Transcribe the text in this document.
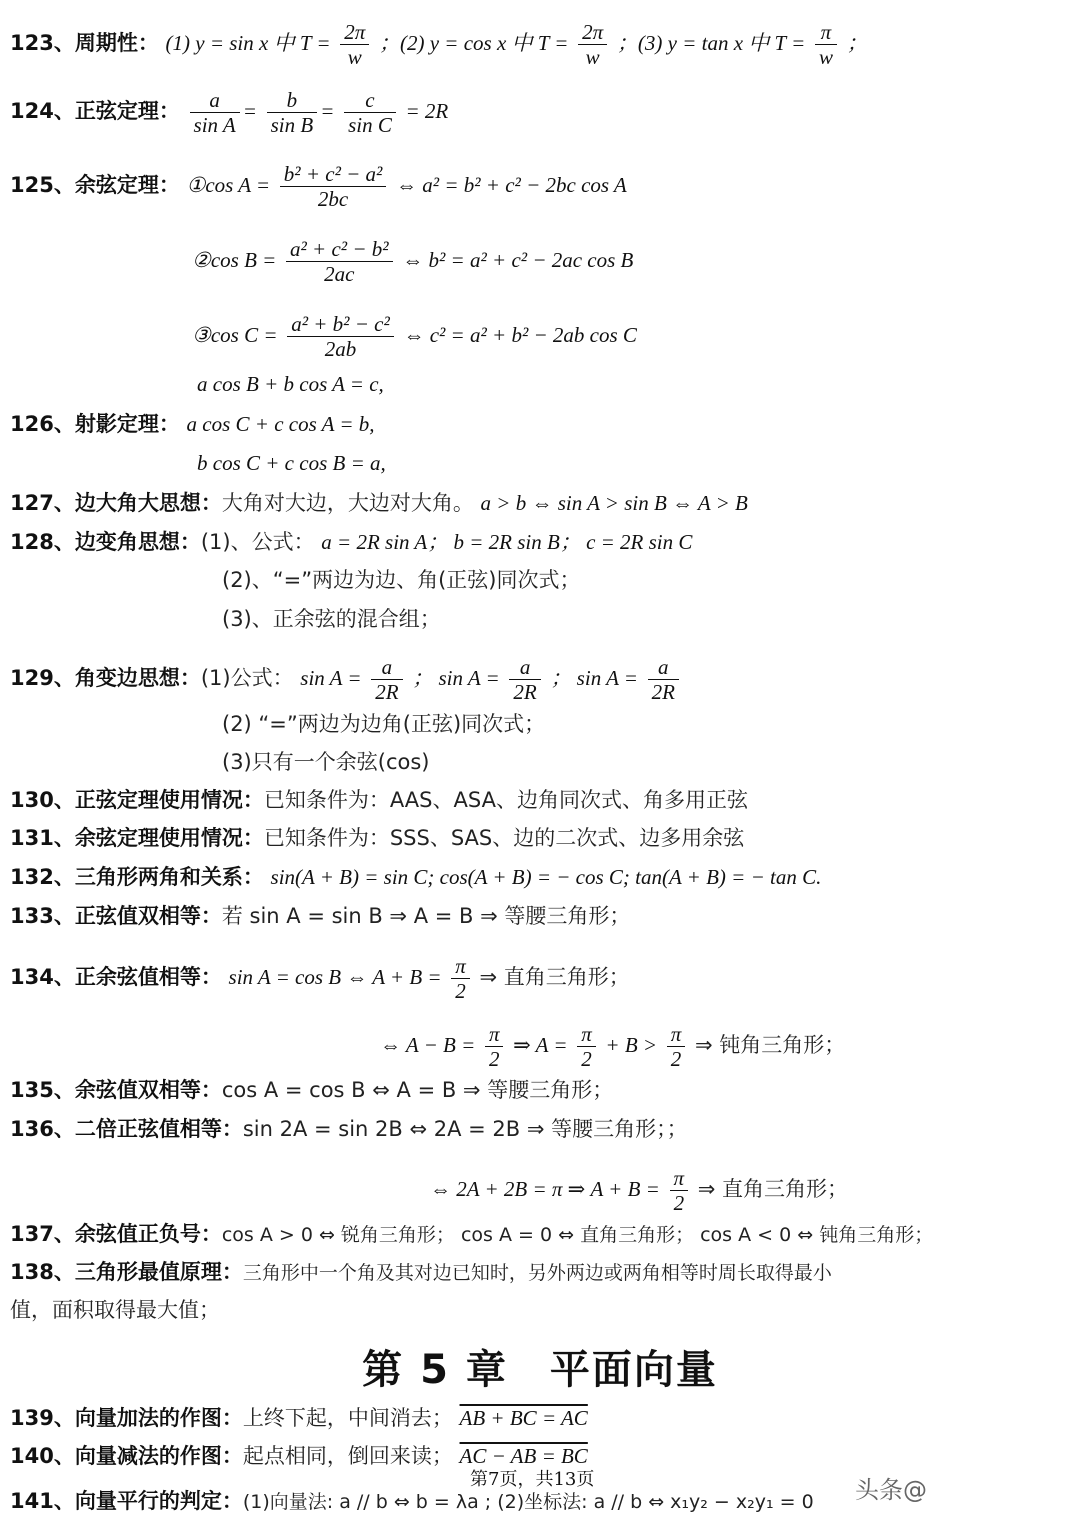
123、周期性： (1) y = sin x 中 $T = \frac{2\pi}{w}$ ；(2) y = cos x 中 $T = \frac{2\pi}{w}$ ；(3) y = tan x 中 $T = \frac{\pi}{w}$ ；
124、正弦定理： $\frac{a}{\text{sin A}} = \frac{b}{\text{sin B}} = \frac{c}{\text{sin C}} = 2R$
125、余弦定理： ①cos $A = \frac{\text{b² + c² − a²}}{2bc}$ ⇔ a² = b² + c² − 2bc cos A
②cos $B = \frac{\text{a² + c² − b²}}{2ac}$ ⇔ b² = a² + c² − 2ac cos B
③cos $C = \frac{\text{a² + b² − c²}}{2ab}$ ⇔ c² = a² + b² − 2ab cos C
a cos B + b cos A = c,
126、射影定理： a cos C + c cos A = b,
b cos C + c cos B = a,
127、边大角大思想：大角对大边，大边对大角。 a > b ⇔ sin A > sin B ⇔ A > B
128、边变角思想：(1)、公式： a = 2R sin A； b = 2R sin B； c = 2R sin C
(2)、“=”两边为边、角(正弦)同次式；
(3)、正余弦的混合组；
129、角变边思想：(1)公式： $\sin A = \frac{a}{2R}$ ； $\sin A = \frac{a}{2R}$ ； $\sin A = \frac{a}{2R}$
(2) “=”两边为边角(正弦)同次式；
(3)只有一个余弦(cos)
130、正弦定理使用情况：已知条件为：AAS、ASA、边角同次式、角多用正弦
131、余弦定理使用情况：已知条件为：SSS、SAS、边的二次式、边多用余弦
132、三角形两角和关系： sin(A + B) = sin C; cos(A + B) = − cos C; tan(A + B) = − tan C.
133、正弦值双相等：若 sin A = sin B ⇒ A = B ⇒ 等腰三角形；
134、正余弦值相等： sin A = cos B ⇔ $A + B = \frac{\pi}{2}$ ⇒ 直角三角形；
⇔ $A - B = \frac{\pi}{2}$ ⇒ $A = \frac{\pi}{2} + B > \frac{\pi}{2}$ ⇒ 钝角三角形；
135、余弦值双相等：cos A = cos B ⇔ A = B ⇒ 等腰三角形；
136、二倍正弦值相等：sin 2A = sin 2B ⇔ 2A = 2B ⇒ 等腰三角形；；
⇔ 2A + 2B = π ⇒ $A + B = \frac{\pi}{2}$ ⇒ 直角三角形；
137、余弦值正负号：cos A > 0 ⇔ 锐角三角形； cos A = 0 ⇔ 直角三角形； cos A < 0 ⇔ 钝角三角形；
138、三角形最值原理：三角形中一个角及其对边已知时，另外两边或两角相等时周长取得最小
值，面积取得最大值；
第 5 章　平面向量
139、向量加法的作图：上终下起，中间消去； AB + BC = AC
140、向量减法的作图：起点相同，倒回来读； AC − AB = BC
141、向量平行的判定：(1)向量法: a // b ⇔ b = λa ; (2)坐标法: a // b ⇔ x₁y₂ − x₂y₁ = 0
第7页，共13页	头条@
